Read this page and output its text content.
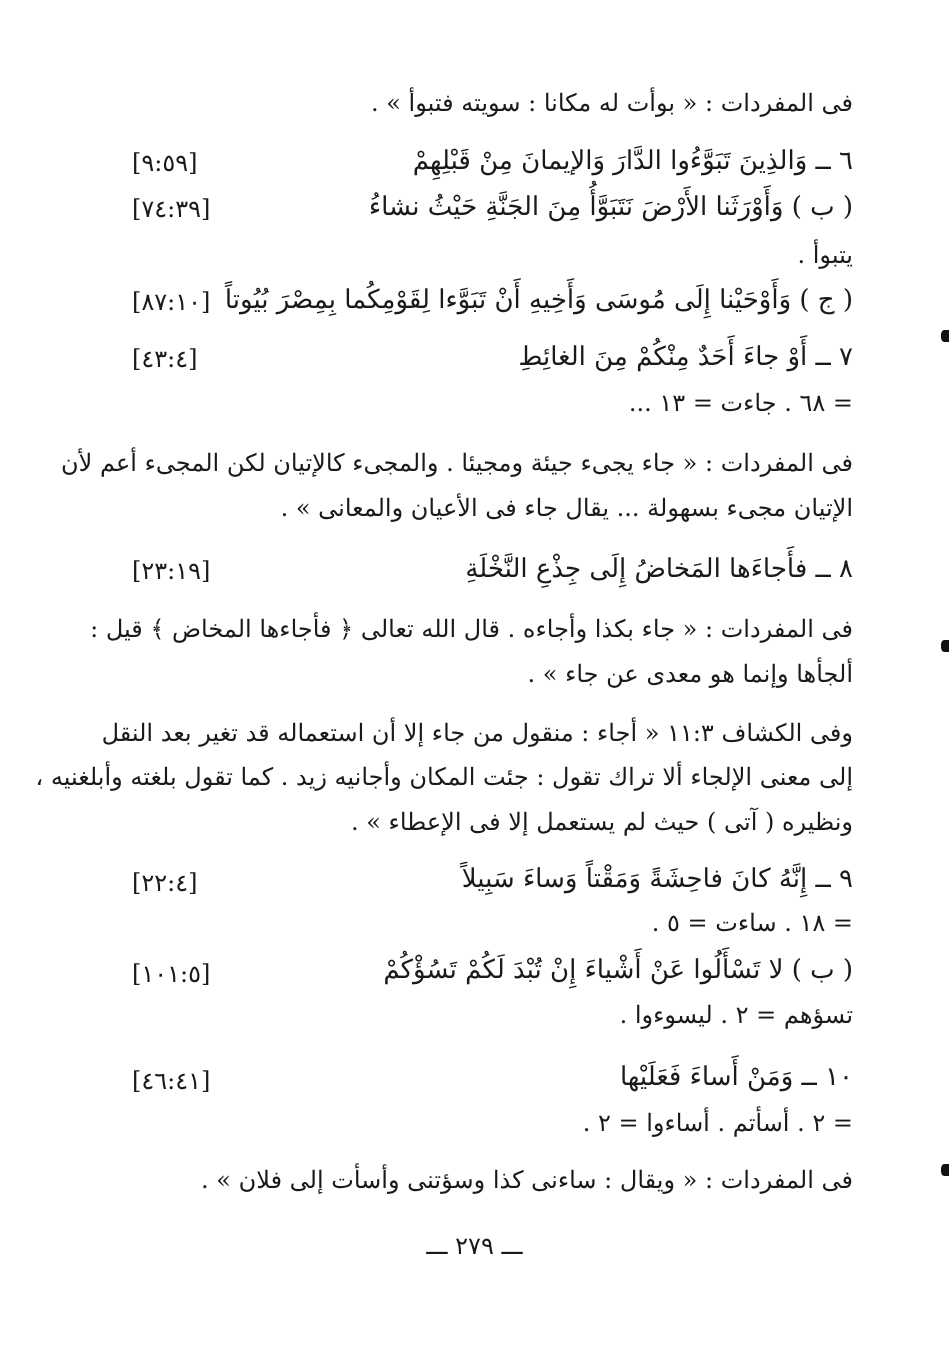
فى المفردات : « بوأت له مكانا : سويته فتبوأ » .
٦ ــ وَالذِينَ تَبَوَّءُوا الدَّارَ وَالإيمانَ مِنْ قَبْلِهِمْ
[٩:٥٩]
( ب ) وَأَوْرَثَنا الأَرْضَ نَتَبَوَّأُ مِنَ الجَنَّةِ حَيْثُ نشاءُ
[٧٤:٣٩]
يتبوأ .
( ج ) وَأَوْحَيْنا إِلَى مُوسَى وَأَخِيهِ أَنْ تَبَوَّءا لِقَوْمِكُما بِمِصْرَ بُيُوتاً
[٨٧:١٠]
٧ ــ أَوْ جاءَ أَحَدٌ مِنْكُمْ مِنَ الغائِطِ
[٤٣:٤]
= ٦٨ . جاءت = ١٣ ...
فى المفردات : « جاء يجىء جيئة ومجيئا . والمجىء كالإتيان لكن المجىء أعم لأن
الإتيان مجىء بسهولة ... يقال جاء فى الأعيان والمعانى » .
٨ ــ فأَجاءَها المَخاضُ إِلَى جِذْعِ النَّخْلَةِ
[٢٣:١٩]
فى المفردات : « جاء بكذا وأجاءه . قال الله تعالى ﴿ فأجاءها المخاض ﴾ قيل :
ألجأها وإنما هو معدى عن جاء » .
وفى الكشاف ١١:٣ « أجاء : منقول من جاء إلا أن استعماله قد تغير بعد النقل
إلى معنى الإلجاء ألا تراك تقول : جئت المكان وأجانيه زيد . كما تقول بلغته وأبلغنيه ،
ونظيره ( آتى ) حيث لم يستعمل إلا فى الإعطاء » .
٩ ــ إِنَّهُ كانَ فاحِشَةً وَمَقْتاً وَساءَ سَبِيلاً
[٢٢:٤]
= ١٨ . ساءت = ٥ .
( ب ) لا تَسْأَلُوا عَنْ أَشْياءَ إِنْ تُبْدَ لَكُمْ تَسُؤْكُمْ
[١٠١:٥]
تسؤهم = ٢ . ليسوءوا .
١٠ ــ وَمَنْ أَساءَ فَعَلَيْها
[٤٦:٤١]
= ٢ . أسأتم . أساءوا = ٢ .
فى المفردات : « ويقال : ساءنى كذا وسؤتنى وأسأت إلى فلان » .
ـــ ٢٧٩ ـــ
